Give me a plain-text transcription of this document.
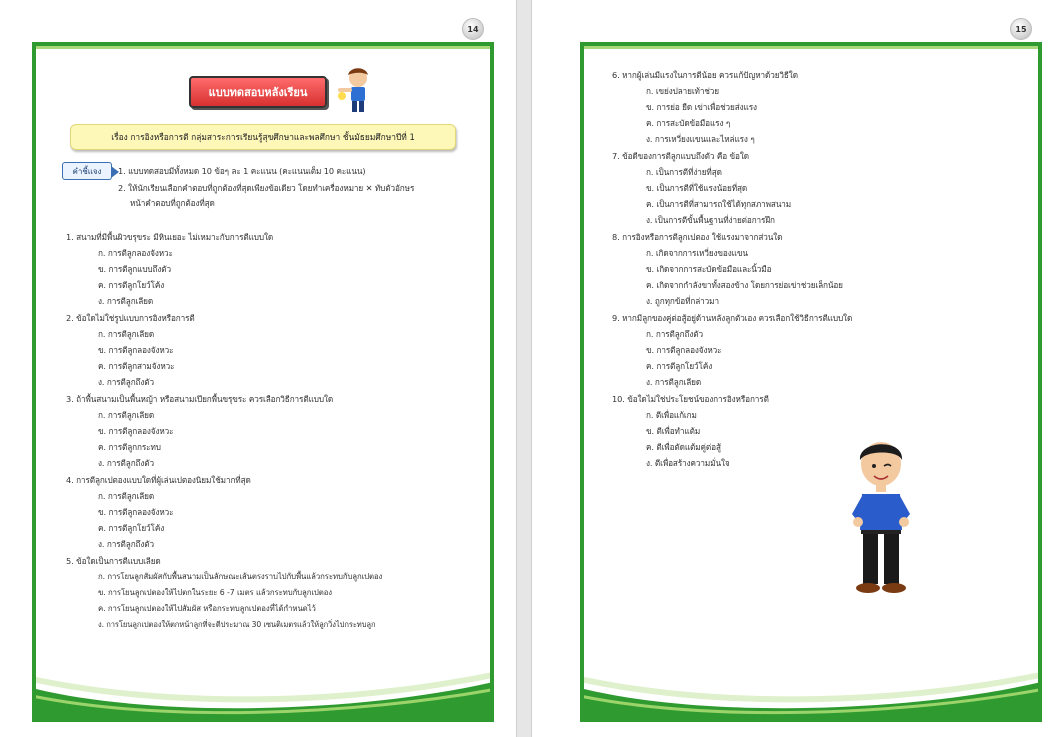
14
แบบทดสอบหลังเรียน
เรื่อง การอิงหรือการตี กลุ่มสาระการเรียนรู้สุขศึกษาและพลศึกษา ชั้นมัธยมศึกษาปีที่ 1
คำชี้แจง	1. แบบทดสอบมีทั้งหมด 10 ข้อๆ ละ 1 คะแนน (คะแนนเต็ม 10 คะแนน)
2. ให้นักเรียนเลือกคำตอบที่ถูกต้องที่สุดเพียงข้อเดียว โดยทำเครื่องหมาย ✕ ทับตัวอักษร
หน้าคำตอบที่ถูกต้องที่สุด
1. สนามที่มีพื้นผิวขรุขระ มีหินเยอะ ไม่เหมาะกับการตีแบบใด
ก. การตีลูกลองจังหวะ
ข. การตีลูกแบบถึงตัว
ค. การตีลูกโยว์โค้ง
ง. การตีลูกเลียด
2. ข้อใดไม่ใช่รูปแบบการอิงหรือการตี
ก. การตีลูกเลียด
ข. การตีลูกลองจังหวะ
ค. การตีลูกสามจังหวะ
ง. การตีลูกถึงตัว
3. ถ้าพื้นสนามเป็นพื้นหญ้า หรือสนามเปียกพื้นขรุขระ ควรเลือกวิธีการตีแบบใด
ก. การตีลูกเลียด
ข. การตีลูกลองจังหวะ
ค. การตีลูกกระทบ
ง. การตีลูกถึงตัว
4. การตีลูกเปตองแบบใดที่ผู้เล่นเปตองนิยมใช้มากที่สุด
ก. การตีลูกเลียด
ข. การตีลูกลองจังหวะ
ค. การตีลูกโยว์โค้ง
ง. การตีลูกถึงตัว
5. ข้อใดเป็นการตีแบบเลียด
ก. การโยนลูกสัมผัสกับพื้นสนามเป็นลักษณะเส้นตรงราบไปกับพื้นแล้วกระทบกับลูกเปตอง
ข. การโยนลูกเปตองให้ไปตกในระยะ 6 -7 เมตร แล้วกระทบกับลูกเปตอง
ค. การโยนลูกเปตองให้ไปสัมผัส หรือกระทบลูกเปตองที่ได้กำหนดไว้
ง. การโยนลูกเปตองให้ตกหน้าลูกที่จะตีประมาณ 30 เซนติเมตรแล้วให้ลูกวิ่งไปกระทบลูก
15
6. หากผู้เล่นมีแรงในการตีน้อย ควรแก้ปัญหาด้วยวิธีใด
ก. เขย่งปลายเท้าช่วย
ข. การย่อ ยืด เข่าเพื่อช่วยส่งแรง
ค. การสะบัดข้อมือแรง ๆ
ง. การเหวี่ยงแขนและไหล่แรง ๆ
7. ข้อดีของการตีลูกแบบถึงตัว คือ ข้อใด
ก. เป็นการตีที่ง่ายที่สุด
ข. เป็นการตีที่ใช้แรงน้อยที่สุด
ค. เป็นการตีที่สามารถใช้ได้ทุกสภาพสนาม
ง. เป็นการตีขั้นพื้นฐานที่ง่ายต่อการฝึก
8. การอิงหรือการตีลูกเปตอง ใช้แรงมาจากส่วนใด
ก. เกิดจากการเหวี่ยงของแขน
ข. เกิดจากการสะบัดข้อมือและนิ้วมือ
ค. เกิดจากกำลังขาทั้งสองข้าง โดยการย่อเข่าช่วยเล็กน้อย
ง. ถูกทุกข้อที่กล่าวมา
9. หากมีลูกของคู่ต่อสู้อยู่ด้านหลังลูกตัวเอง ควรเลือกใช้วิธีการตีแบบใด
ก. การตีลูกถึงตัว
ข. การตีลูกลองจังหวะ
ค. การตีลูกโยว์โค้ง
ง. การตีลูกเลียด
10. ข้อใดไม่ใช่ประโยชน์ของการอิงหรือการตี
ก. ตีเพื่อแก้เกม
ข. ตีเพื่อทำแต้ม
ค. ตีเพื่อตัดแต้มคู่ต่อสู้
ง. ตีเพื่อสร้างความมั่นใจ
